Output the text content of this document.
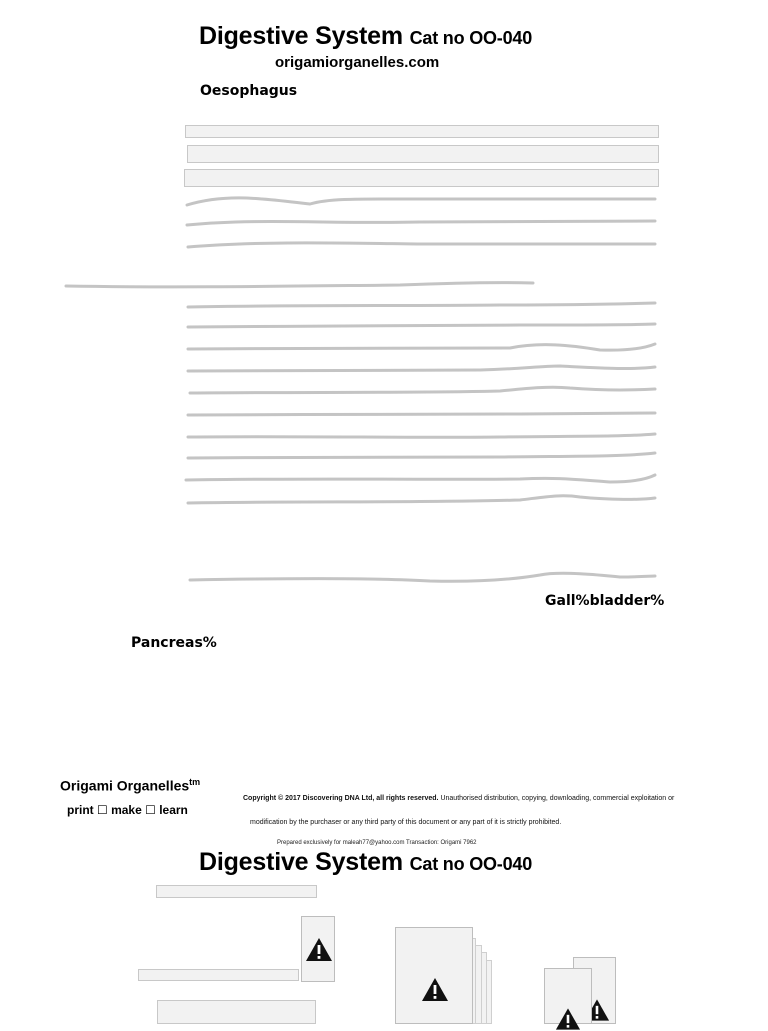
Digestive System Cat no OO-040
origamiorganelles.com
Oesophagus
Gall%bladder%
Pancreas%
Origami Organelles$^{tm}$
print ☐ make ☐ learn
Copyright © 2017 Discovering DNA Ltd, all rights reserved. Unauthorised distribution, copying, downloading, commercial exploitation or
modification by the purchaser or any third party of this document or any part of it is strictly prohibited.
Prepared exclusively for maleah77@yahoo.com Transaction: Origami 7962
Digestive System Cat no OO-040
